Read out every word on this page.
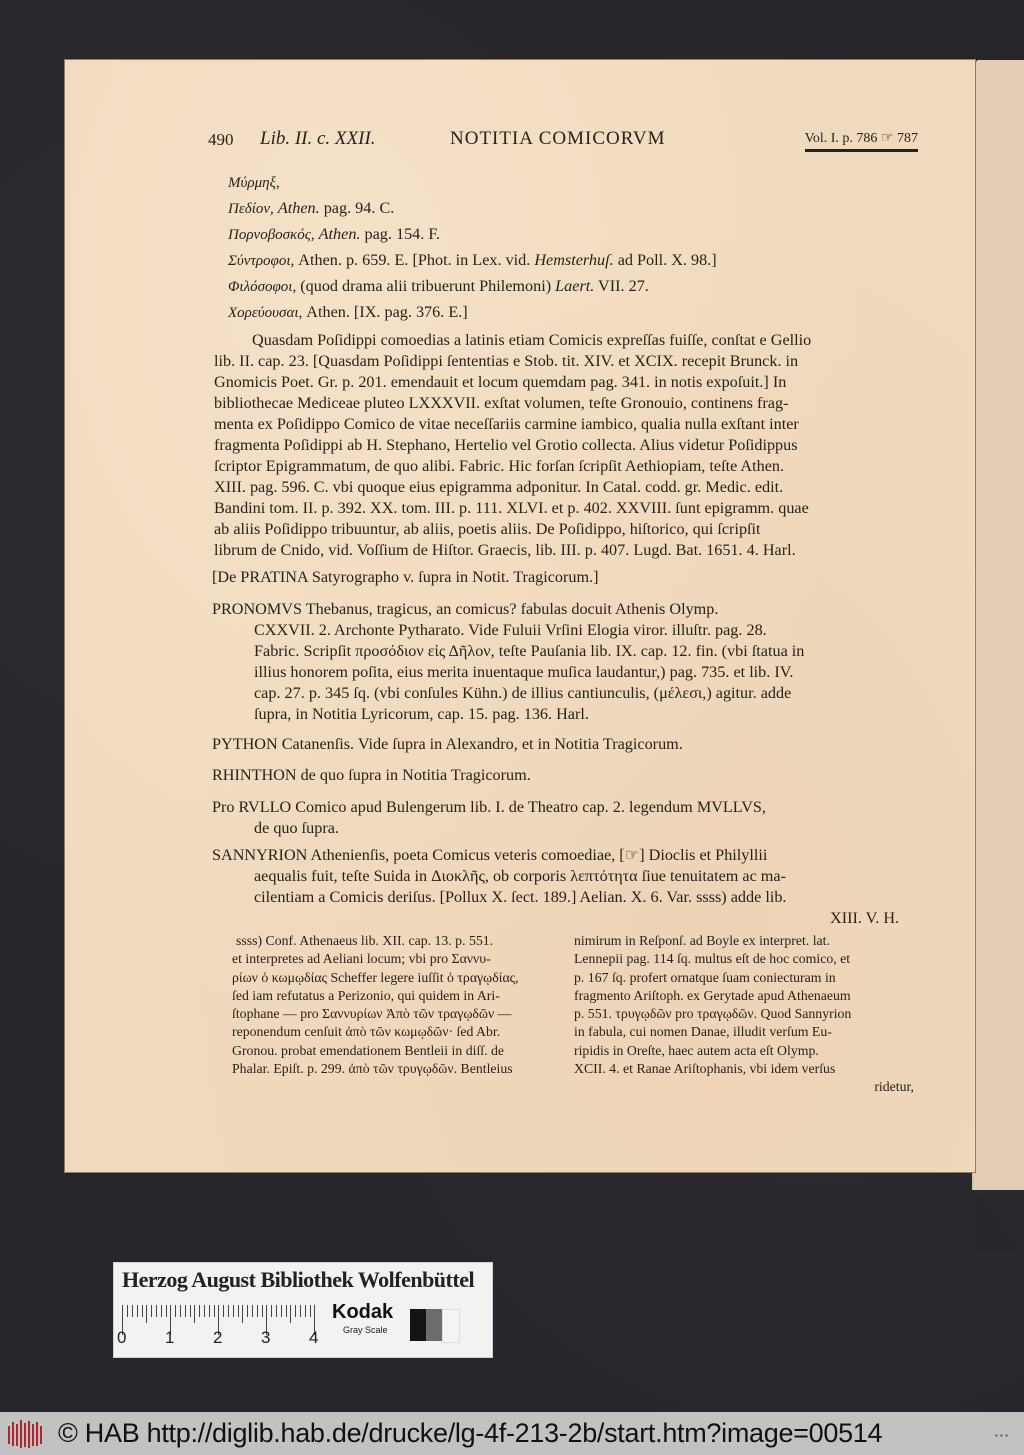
490 Lib. II. c. XXII.	NOTITIA COMICORVM	Vol. I. p. 786 ☞ 787
Μύρμηξ,
Πεδίον, Athen. pag. 94. C.
Πορνοβοσκός, Athen. pag. 154. F.
Σύντροφοι, Athen. p. 659. E. [Phot. in Lex. vid. Hemsterhuſ. ad Poll. X. 98.]
Φιλόσοφοι, (quod drama alii tribuerunt Philemoni) Laert. VII. 27.
Χορεύουσαι, Athen. [IX. pag. 376. E.]
Quasdam Poſidippi comoedias a latinis etiam Comicis expreſſas fuiſſe, conſtat e Gellio
lib. II. cap. 23. [Quasdam Poſidippi ſententias e Stob. tit. XIV. et XCIX. recepit Brunck. in
Gnomicis Poet. Gr. p. 201. emendauit et locum quemdam pag. 341. in notis expoſuit.] In
bibliothecae Mediceae pluteo LXXXVII. exſtat volumen, teſte Gronouio, continens frag-
menta ex Poſidippo Comico de vitae neceſſariis carmine iambico, qualia nulla exſtant inter
fragmenta Poſidippi ab H. Stephano, Hertelio vel Grotio collecta. Alius videtur Poſidippus
ſcriptor Epigrammatum, de quo alibi. Fabric. Hic forſan ſcripſit Aethiopiam, teſte Athen.
XIII. pag. 596. C. vbi quoque eius epigramma adponitur. In Catal. codd. gr. Medic. edit.
Bandini tom. II. p. 392. XX. tom. III. p. 111. XLVI. et p. 402. XXVIII. ſunt epigramm. quae
ab aliis Poſidippo tribuuntur, ab aliis, poetis aliis. De Poſidippo, hiſtorico, qui ſcripſit
librum de Cnido, vid. Voſſium de Hiſtor. Graecis, lib. III. p. 407. Lugd. Bat. 1651. 4. Harl.
[De PRATINA Satyrographo v. ſupra in Notit. Tragicorum.]
PRONOMVS Thebanus, tragicus, an comicus? fabulas docuit Athenis Olymp.
CXXVII. 2. Archonte Pytharato. Vide Fuluii Vrſini Elogia viror. illuſtr. pag. 28.
Fabric. Scripſit προσόδιον εἰς Δῆλον, teſte Pauſania lib. IX. cap. 12. fin. (vbi ſtatua in
illius honorem poſita, eius merita inuentaque muſica laudantur,) pag. 735. et lib. IV.
cap. 27. p. 345 ſq. (vbi conſules Kühn.) de illius cantiunculis, (μέλεσι,) agitur. adde
ſupra, in Notitia Lyricorum, cap. 15. pag. 136. Harl.
PYTHON Catanenſis. Vide ſupra in Alexandro, et in Notitia Tragicorum.
RHINTHON de quo ſupra in Notitia Tragicorum.
Pro RVLLO Comico apud Bulengerum lib. I. de Theatro cap. 2. legendum MVLLVS,
de quo ſupra.
SANNYRION Athenienſis, poeta Comicus veteris comoediae, [☞] Dioclis et Philyllii
aequalis fuit, teſte Suida in Διοκλῆς, ob corporis λεπτότητα ſiue tenuitatem ac ma-
cilentiam a Comicis deriſus. [Pollux X. ſect. 189.] Aelian. X. 6. Var. ssss) adde lib.
XIII. V. H.
ssss) Conf. Athenaeus lib. XII. cap. 13. p. 551.
et interpretes ad Aeliani locum; vbi pro Σαννυ-
ρίων ὁ κωμῳδίας Scheffer legere iuſſit ὁ τραγῳδίας,
ſed iam refutatus a Perizonio, qui quidem in Ari-
ſtophane — pro Σαννυρίων Ἀπὸ τῶν τραγῳδῶν —
reponendum cenſuit ἀπὸ τῶν κωμῳδῶν· ſed Abr.
Gronou. probat emendationem Bentleii in diſſ. de
Phalar. Epiſt. p. 299. ἀπὸ τῶν τρυγῳδῶν. Bentleius
nimirum in Reſponſ. ad Boyle ex interpret. lat.
Lennepii pag. 114 ſq. multus eſt de hoc comico, et
p. 167 ſq. profert ornatque ſuam coniecturam in
fragmento Ariſtoph. ex Gerytade apud Athenaeum
p. 551. τρυγῳδῶν pro τραγῳδῶν. Quod Sannyrion
in fabula, cui nomen Danae, illudit verſum Eu-
ripidis in Oreſte, haec autem acta eſt Olymp.
XCII. 4. et Ranae Ariſtophanis, vbi idem verſus
ridetur,
Herzog August Bibliothek Wolfenbüttel
0 1 2 3 4
Kodak
Gray Scale
© HAB http://diglib.hab.de/drucke/lg-4f-213-2b/start.htm?image=00514	▪ ▪ ▪
